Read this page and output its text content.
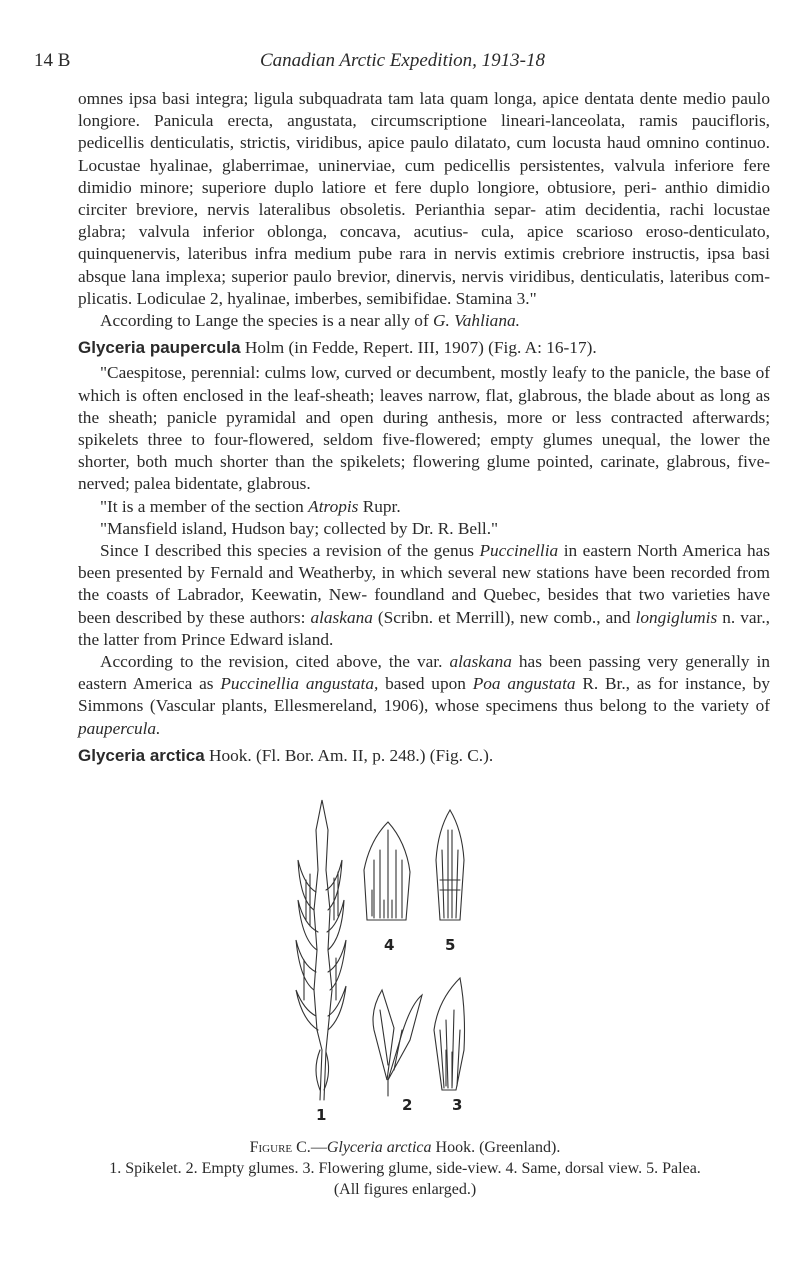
14 B	Canadian Arctic Expedition, 1913-18

omnes ipsa basi integra; ligula subquadrata tam lata quam longa, apice dentata dente medio paulo longiore. Panicula erecta, angustata, circumscriptione lineari-lanceolata, ramis paucifloris, pedicellis denticulatis, strictis, viridibus, apice paulo dilatato, cum locusta haud omnino continuo. Locustae hyalinae, glaberrimae, uninerviae, cum pedicellis persistentes, valvula inferiore fere dimidio minore; superiore duplo latiore et fere duplo longiore, obtusiore, peri- anthio dimidio circiter breviore, nervis lateralibus obsoletis. Perianthia separ- atim decidentia, rachi locustae glabra; valvula inferior oblonga, concava, acutius- cula, apice scarioso eroso-denticulato, quinquenervis, lateribus infra medium pube rara in nervis extimis crebriore instructis, ipsa basi absque lana implexa; superior paulo brevior, dinervis, nervis viridibus, denticulatis, lateribus com- plicatis. Lodiculae 2, hyalinae, imberbes, semibifidae. Stamina 3."

According to Lange the species is a near ally of G. Vahliana.

Glyceria paupercula Holm (in Fedde, Repert. III, 1907) (Fig. A: 16-17).

"Caespitose, perennial: culms low, curved or decumbent, mostly leafy to the panicle, the base of which is often enclosed in the leaf-sheath; leaves narrow, flat, glabrous, the blade about as long as the sheath; panicle pyramidal and open during anthesis, more or less contracted afterwards; spikelets three to four-flowered, seldom five-flowered; empty glumes unequal, the lower the shorter, both much shorter than the spikelets; flowering glume pointed, carinate, glabrous, five-nerved; palea bidentate, glabrous.

"It is a member of the section Atropis Rupr.

"Mansfield island, Hudson bay; collected by Dr. R. Bell."

Since I described this species a revision of the genus Puccinellia in eastern North America has been presented by Fernald and Weatherby, in which several new stations have been recorded from the coasts of Labrador, Keewatin, New- foundland and Quebec, besides that two varieties have been described by these authors: alaskana (Scribn. et Merrill), new comb., and longiglumis n. var., the latter from Prince Edward island.

According to the revision, cited above, the var. alaskana has been passing very generally in eastern America as Puccinellia angustata, based upon Poa angustata R. Br., as for instance, by Simmons (Vascular plants, Ellesmereland, 1906), whose specimens thus belong to the variety of paupercula.

Glyceria arctica Hook. (Fl. Bor. Am. II, p. 248.) (Fig. C.).
4	5
1
2	3
Figure C.—Glyceria arctica Hook. (Greenland).
1. Spikelet. 2. Empty glumes. 3. Flowering glume, side-view. 4. Same, dorsal view. 5. Palea.
(All figures enlarged.)
